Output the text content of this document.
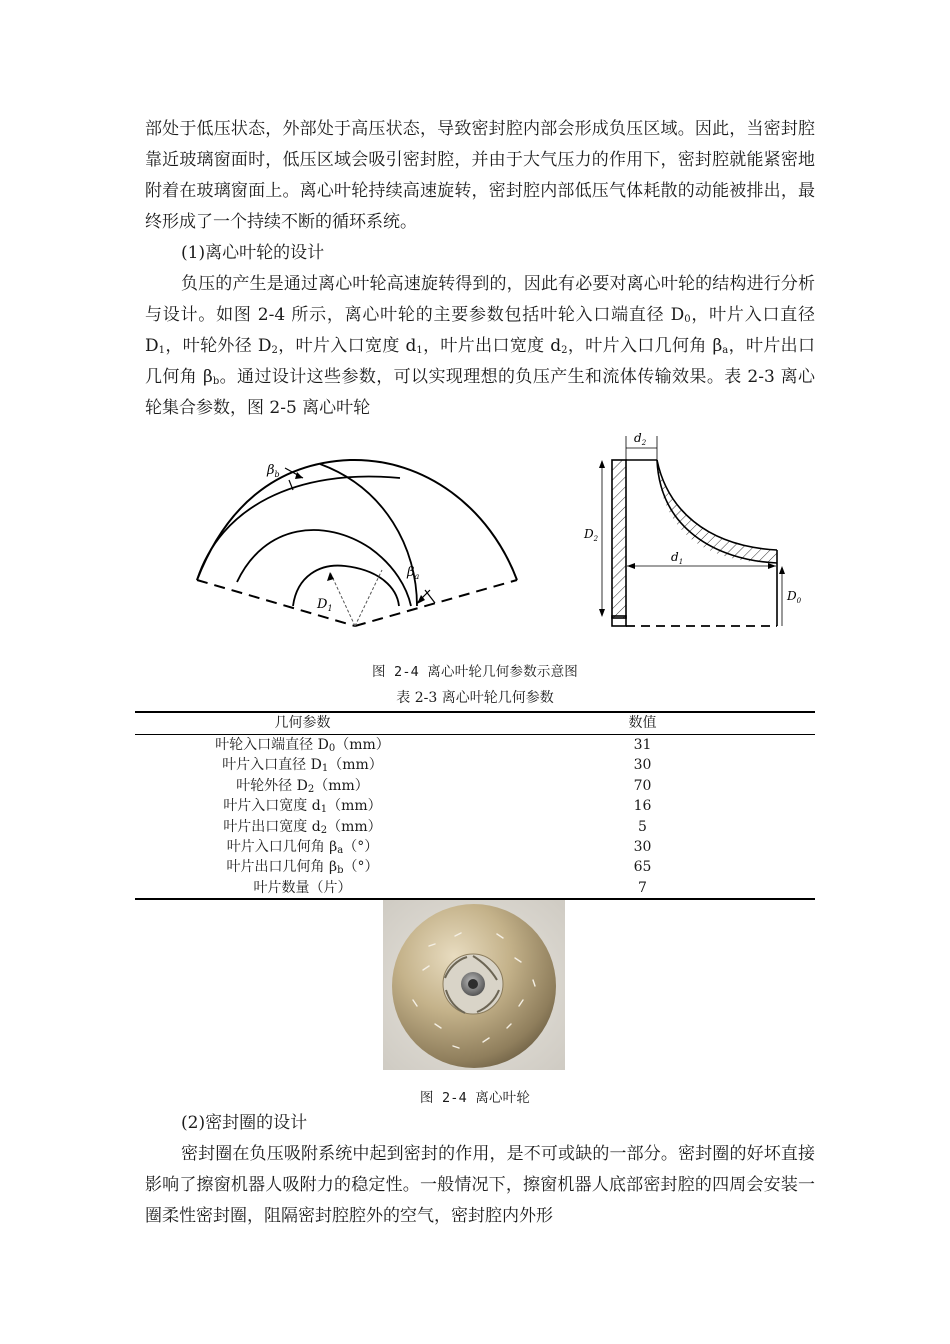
部处于低压状态，外部处于高压状态，导致密封腔内部会形成负压区域。因此，当密封腔靠近玻璃窗面时，低压区域会吸引密封腔，并由于大气压力的作用下，密封腔就能紧密地附着在玻璃窗面上。离心叶轮持续高速旋转，密封腔内部低压气体耗散的动能被排出，最终形成了一个持续不断的循环系统。

(1)离心叶轮的设计

负压的产生是通过离心叶轮高速旋转得到的，因此有必要对离心叶轮的结构进行分析与设计。如图 2-4 所示，离心叶轮的主要参数包括叶轮入口端直径 $D_0$，叶片入口直径 $D_1$，叶轮外径 $D_2$，叶片入口宽度 $d_1$，叶片出口宽度 $d_2$，叶片入口几何角 $\beta_a$，叶片出口几何角 $\beta_b$。通过设计这些参数，可以实现理想的负压产生和流体传输效果。表 2-3 离心轮集合参数，图 2-5 离心叶轮

$\beta_b$
$\beta_a$
$D_1$
$d_2$
$D_2$
$d_1$
$D_0$
图 2-4 离心叶轮几何参数示意图
表 2-3 离心叶轮几何参数
几何参数	数值
叶轮入口端直径 $D_0(mm)$	31
叶片入口直径 $D_1(mm)$	30
叶轮外径 $D_2(mm)$	70
叶片入口宽度 $d_1(mm)$	16
叶片出口宽度 $d_2(mm)$	5
叶片入口几何角 $\beta_a(^\circ)$	30
叶片出口几何角 $\beta_b(^\circ)$	65
叶片数量（片）	7
图 2-4 离心叶轮

(2)密封圈的设计

密封圈在负压吸附系统中起到密封的作用，是不可或缺的一部分。密封圈的好坏直接影响了擦窗机器人吸附力的稳定性。一般情况下，擦窗机器人底部密封腔的四周会安装一圈柔性密封圈，阻隔密封腔腔外的空气，密封腔内外形
